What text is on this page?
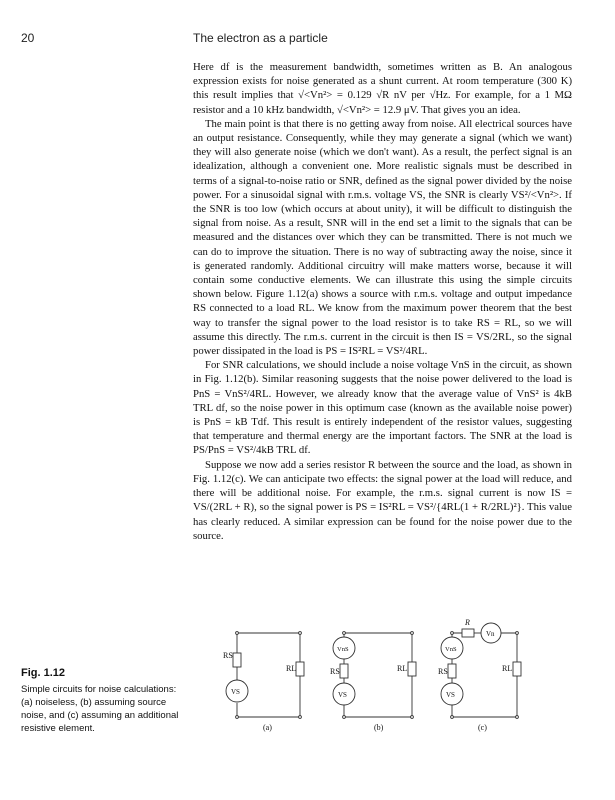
20	The electron as a particle

Here df is the measurement bandwidth, sometimes written as B. An analogous expression exists for noise generated as a shunt current. At room temperature (300 K) this result implies that √<Vn²> = 0.129 √R nV per √Hz. For example, for a 1 MΩ resistor and a 10 kHz bandwidth, √<Vn²> = 12.9 μV. That gives you an idea.

The main point is that there is no getting away from noise. All electrical sources have an output resistance. Consequently, while they may generate a signal (which we want) they will also generate noise (which we don't want). As a result, the perfect signal is an idealization, although a convenient one. More realistic signals must be described in terms of a signal-to-noise ratio or SNR, defined as the signal power divided by the noise power. For a sinusoidal signal with r.m.s. voltage VS, the SNR is clearly VS²/<Vn²>. If the SNR is too low (which occurs at about unity), it will be difficult to distinguish the signal from noise. As a result, SNR will in the end set a limit to the signals that can be measured and the distances over which they can be transmitted. There is not much we can do to improve the situation. There is no way of subtracting away the noise, since it is generated randomly. Additional circuitry will make matters worse, because it will contain some conductive elements. We can illustrate this using the simple circuits shown below. Figure 1.12(a) shows a source with r.m.s. voltage and output impedance RS connected to a load RL. We know from the maximum power theorem that the best way to transfer the signal power to the load resistor is to take RS = RL, so we will assume this directly. The r.m.s. current in the circuit is then IS = VS/2RL, so the signal power dissipated in the load is PS = IS²RL = VS²/4RL.

For SNR calculations, we should include a noise voltage VnS in the circuit, as shown in Fig. 1.12(b). Similar reasoning suggests that the noise power delivered to the load is PnS = VnS²/4RL. However, we already know that the average value of VnS² is 4kB TRL df, so the noise power in this optimum case (known as the available noise power) is PnS = kB Tdf. This result is entirely independent of the resistor values, suggesting that temperature and thermal energy are the important factors. The SNR at the load is PS/PnS = VS²/4kB TRL df.

Suppose we now add a series resistor R between the source and the load, as shown in Fig. 1.12(c). We can anticipate two effects: the signal power at the load will reduce, and there will be additional noise. For example, the r.m.s. signal current is now IS = VS/(2RL + R), so the signal power is PS = IS²RL = VS²/{4RL(1 + R/2RL)²}. This value has clearly reduced. A similar expression can be found for the noise power due to the source.

Fig. 1.12
Simple circuits for noise calculations: (a) noiseless, (b) assuming source noise, and (c) assuming an additional resistive element.
RS
RL
VS
(a)
VnS
RS	RL
VS
(b)
R
Vn
VnS
RS	RL
VS
(c)
